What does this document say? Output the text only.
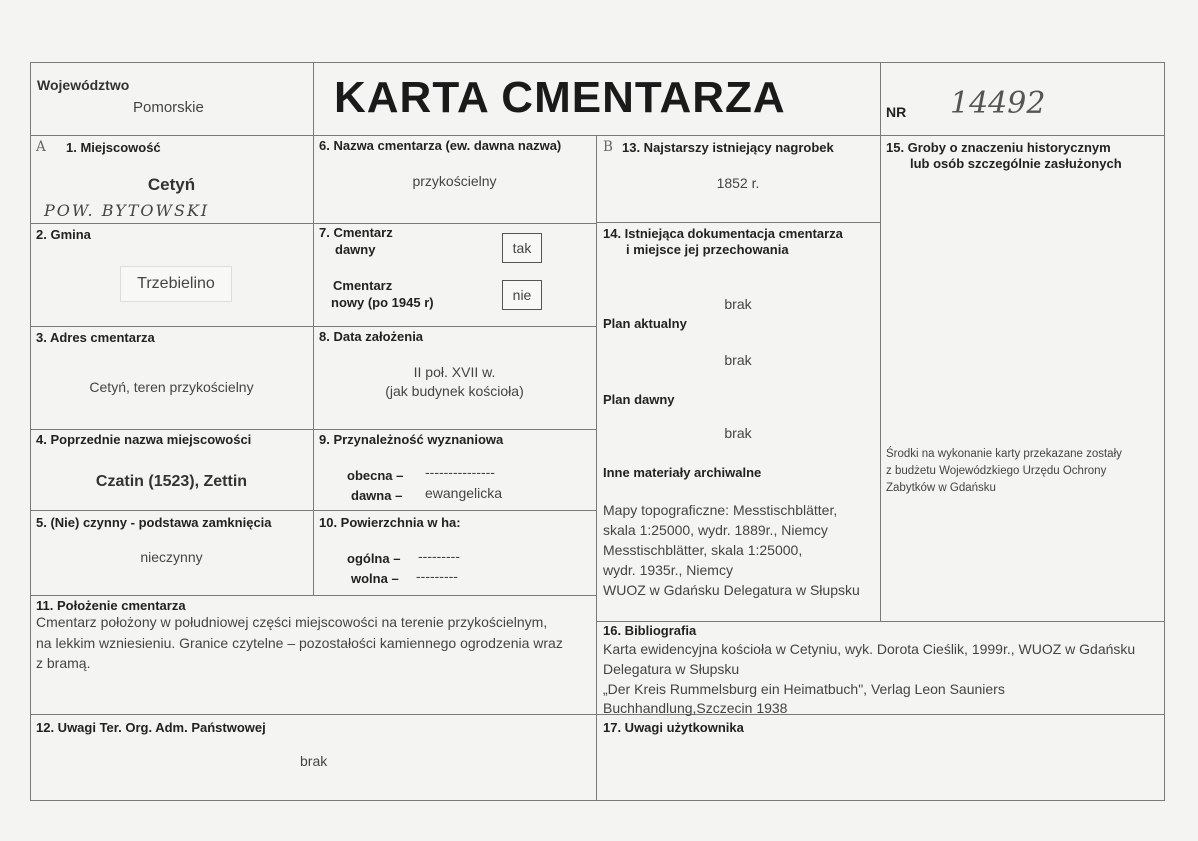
Województwo
Pomorskie	KARTA CMENTARZA	NR 14492
A 1. Miejscowość
Cetyń
POW. BYTOWSKI
2. Gmina
Trzebielino
3. Adres cmentarza
Cetyń, teren przykościelny
4. Poprzednie nazwa miejscowości
Czatin (1523), Zettin
5. (Nie) czynny - podstawa zamknięcia
nieczynny
6. Nazwa cmentarza (ew. dawna nazwa)
przykościelny
7. Cmentarz
dawny	tak
Cmentarz
nowy (po 1945 r)	nie
8. Data założenia
II poł. XVII w.
(jak budynek kościoła)
9. Przynależność wyznaniowa
obecna – ---------------
dawna – ewangelicka
10. Powierzchnia w ha:
ogólna – ---------
wolna – ---------
B 13. Najstarszy istniejący nagrobek
1852 r.
14. Istniejąca dokumentacja cmentarza
i miejsce jej przechowania
brak
Plan aktualny
brak
Plan dawny
brak
Inne materiały archiwalne
Mapy topograficzne: Messtischblätter,
skala 1:25000, wydr. 1889r., Niemcy
Messtischblätter, skala 1:25000,
wydr. 1935r., Niemcy
WUOZ w Gdańsku Delegatura w Słupsku
15. Groby o znaczeniu historycznym
lub osób szczególnie zasłużonych
Środki na wykonanie karty przekazane zostały
z budżetu Wojewódzkiego Urzędu Ochrony
Zabytków w Gdańsku
11. Położenie cmentarza
Cmentarz położony w południowej części miejscowości na terenie przykościelnym,
na lekkim wzniesieniu. Granice czytelne – pozostałości kamiennego ogrodzenia wraz
z bramą.
16. Bibliografia
Karta ewidencyjna kościoła w Cetyniu, wyk. Dorota Cieślik, 1999r., WUOZ w Gdańsku
Delegatura w Słupsku
„Der Kreis Rummelsburg ein Heimatbuch", Verlag Leon Sauniers
Buchhandlung,Szczecin 1938
12. Uwagi Ter. Org. Adm. Państwowej
brak
17. Uwagi użytkownika
